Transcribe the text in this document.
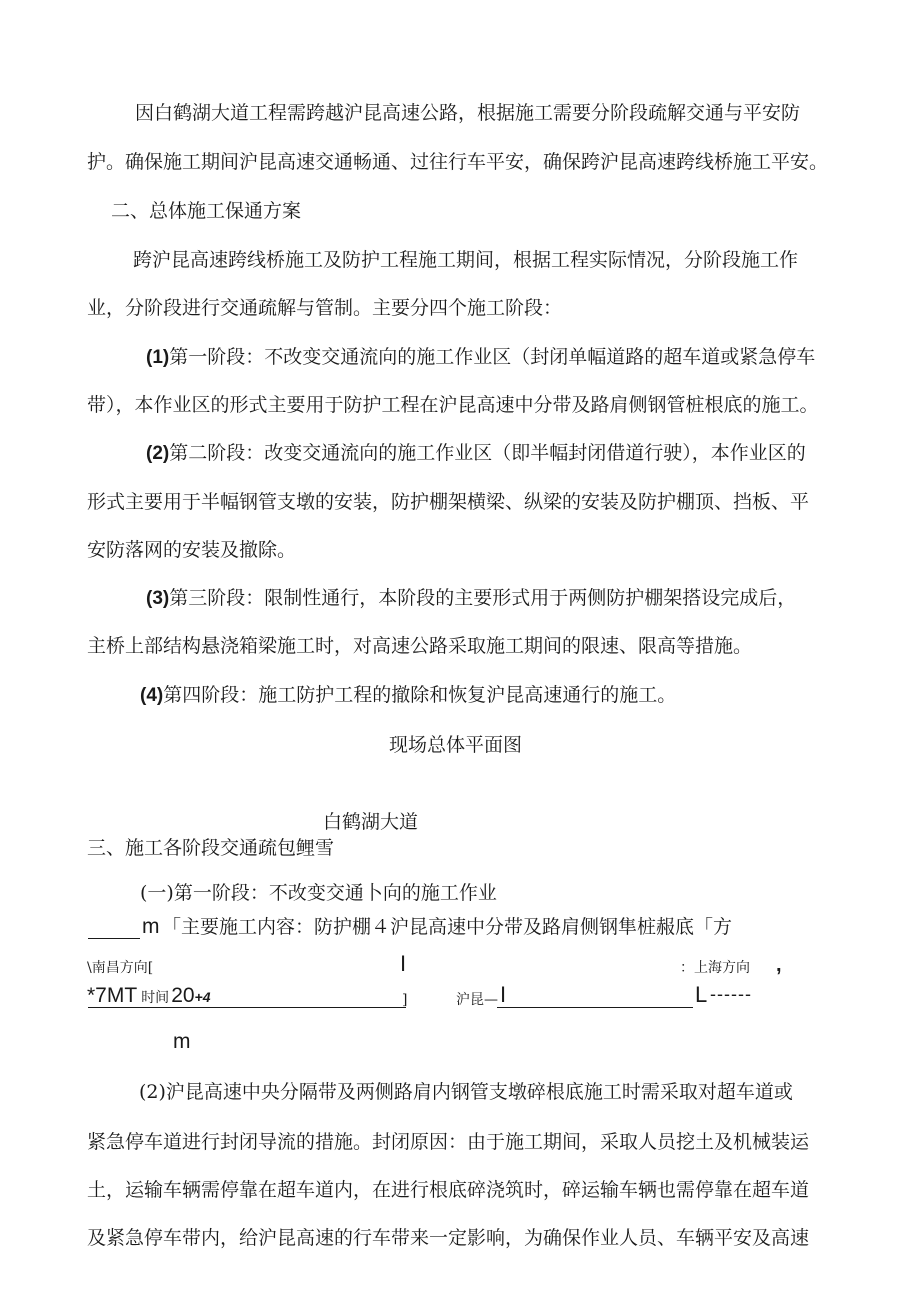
因白鹤湖大道工程需跨越沪昆高速公路，根据施工需要分阶段疏解交通与平安防
护。确保施工期间沪昆高速交通畅通、过往行车平安，确保跨沪昆高速跨线桥施工平安。
二、总体施工保通方案
跨沪昆高速跨线桥施工及防护工程施工期间，根据工程实际情况，分阶段施工作
业，分阶段进行交通疏解与管制。主要分四个施工阶段：
(1)第一阶段：不改变交通流向的施工作业区（封闭单幅道路的超车道或紧急停车
带），本作业区的形式主要用于防护工程在沪昆高速中分带及路肩侧钢管桩根底的施工。
(2)第二阶段：改变交通流向的施工作业区（即半幅封闭借道行驶），本作业区的
形式主要用于半幅钢管支墩的安装，防护棚架横梁、纵梁的安装及防护棚顶、挡板、平
安防落网的安装及撤除。
(3)第三阶段：限制性通行，本阶段的主要形式用于两侧防护棚架搭设完成后，
主桥上部结构悬浇箱梁施工时，对高速公路采取施工期间的限速、限高等措施。
(4)第四阶段：施工防护工程的撤除和恢复沪昆高速通行的施工。
现场总体平面图
白鹤湖大道
三、施工各阶段交通疏包鲤雪
(一)第一阶段：不改变交通卜向的施工作业
m 「主要施工内容：防护棚４沪昆高速中分带及路肩侧钢隼桩赧底「方
\南昌方向[	I	：上海方向 ,
*7MT 时间20+4	]	沪昆— I	L ------
m
(2)沪昆高速中央分隔带及两侧路肩内钢管支墩碎根底施工时需采取对超车道或
紧急停车道进行封闭导流的措施。封闭原因：由于施工期间，采取人员挖土及机械装运
土，运输车辆需停靠在超车道内，在进行根底碎浇筑时，碎运输车辆也需停靠在超车道
及紧急停车带内，给沪昆高速的行车带来一定影响，为确保作业人员、车辆平安及高速
